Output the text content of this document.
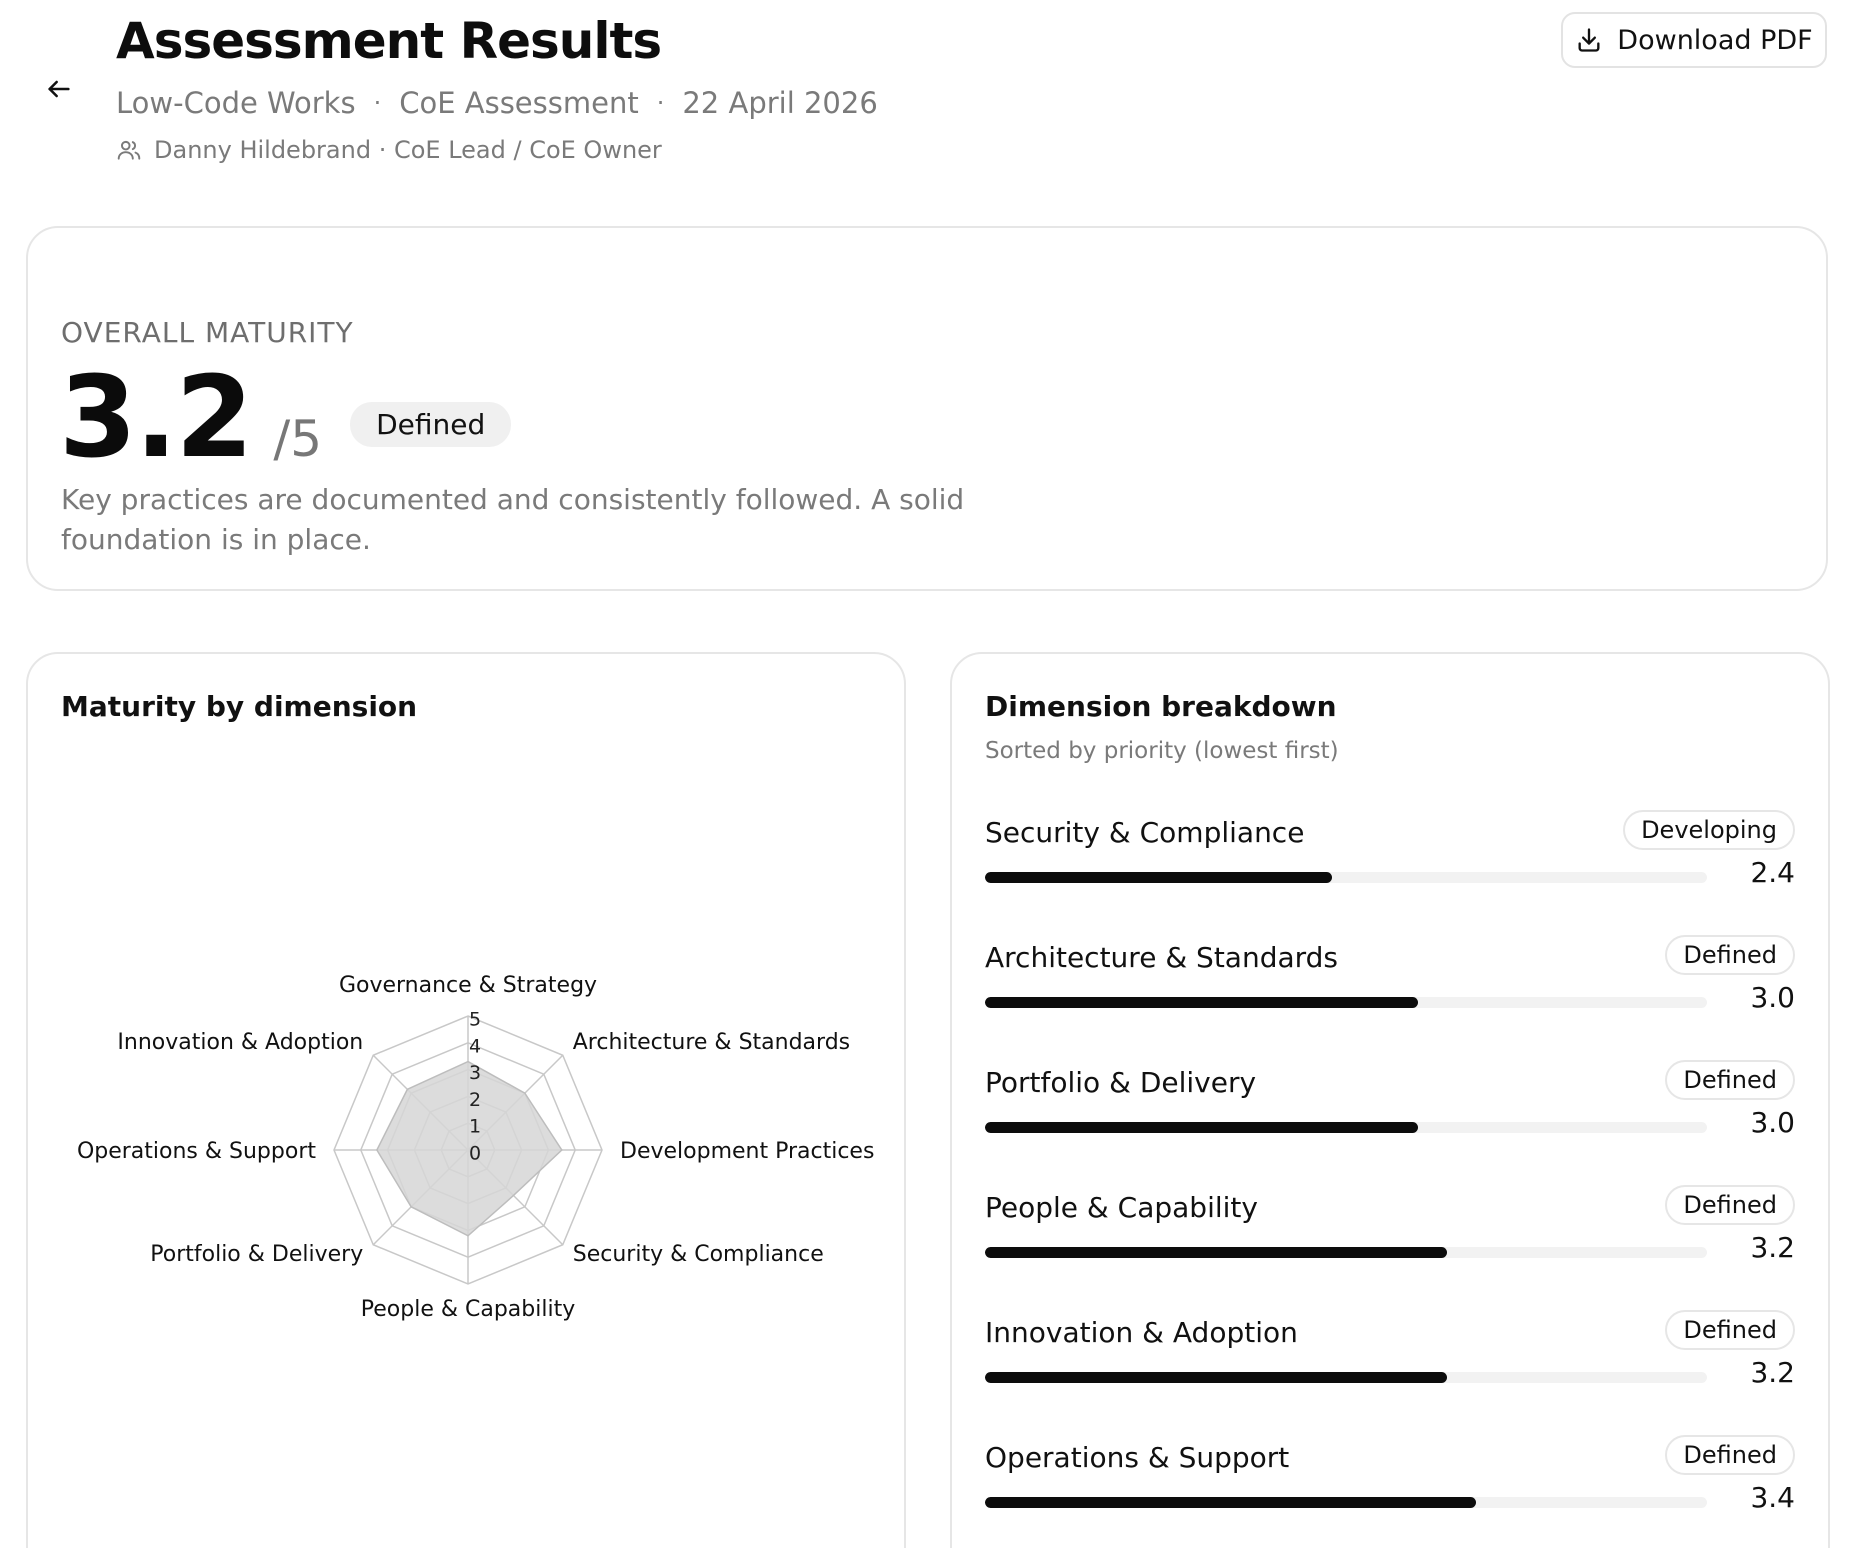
Assessment Results
Low-Code Works · CoE Assessment · 22 April 2026
Danny Hildebrand · CoE Lead / CoE Owner
Download PDF
OVERALL MATURITY
3.2 /5	Defined
Key practices are documented and consistently followed. A solid foundation is in place.
Maturity by dimension
0
1
2
3
4
5
Governance & Strategy
Architecture & Standards
Development Practices
Security & Compliance
People & Capability
Portfolio & Delivery
Operations & Support
Innovation & Adoption
Dimension breakdown
Sorted by priority (lowest first)
Security & Compliance	Developing
2.4
Architecture & Standards	Defined
3.0
Portfolio & Delivery	Defined
3.0
People & Capability	Defined
3.2
Innovation & Adoption	Defined
3.2
Operations & Support	Defined
3.4
